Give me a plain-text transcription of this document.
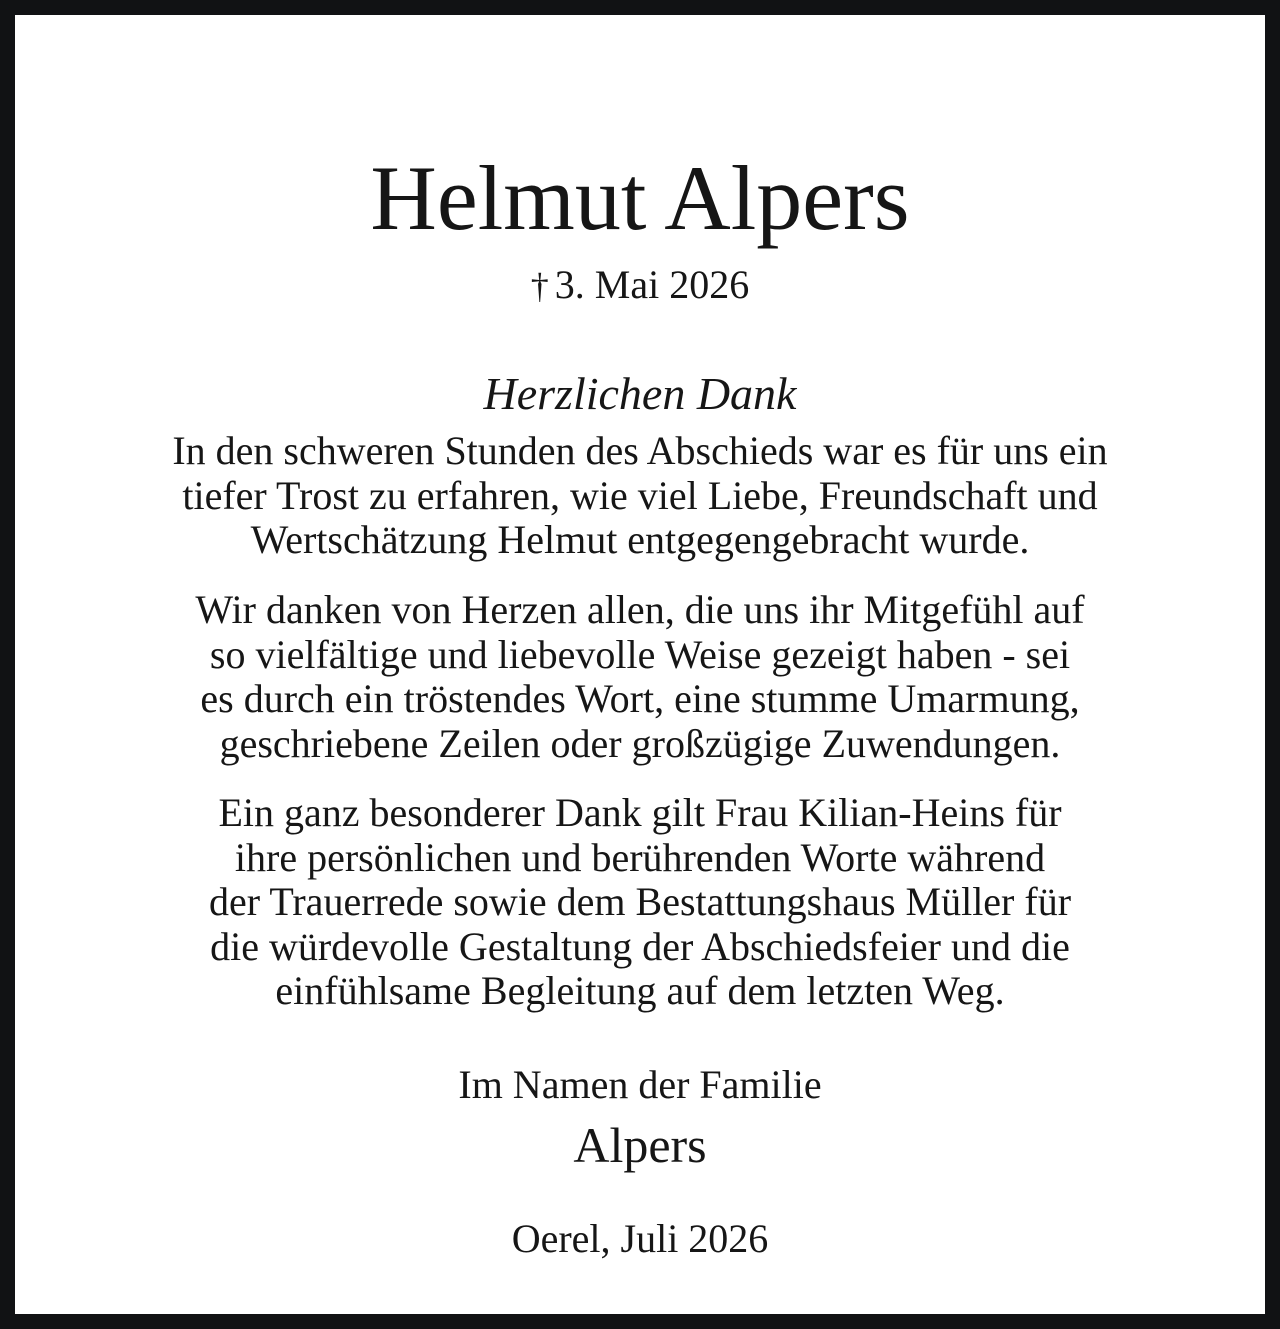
Helmut Alpers
† 3. Mai 2026
Herzlichen Dank
In den schweren Stunden des Abschieds war es für uns ein
tiefer Trost zu erfahren, wie viel Liebe, Freundschaft und
Wertschätzung Helmut entgegengebracht wurde.
Wir danken von Herzen allen, die uns ihr Mitgefühl auf
so vielfältige und liebevolle Weise gezeigt haben - sei
es durch ein tröstendes Wort, eine stumme Umarmung,
geschriebene Zeilen oder großzügige Zuwendungen.
Ein ganz besonderer Dank gilt Frau Kilian-Heins für
ihre persönlichen und berührenden Worte während
der Trauerrede sowie dem Bestattungshaus Müller für
die würdevolle Gestaltung der Abschiedsfeier und die
einfühlsame Begleitung auf dem letzten Weg.
Im Namen der Familie
Alpers
Oerel, Juli 2026
